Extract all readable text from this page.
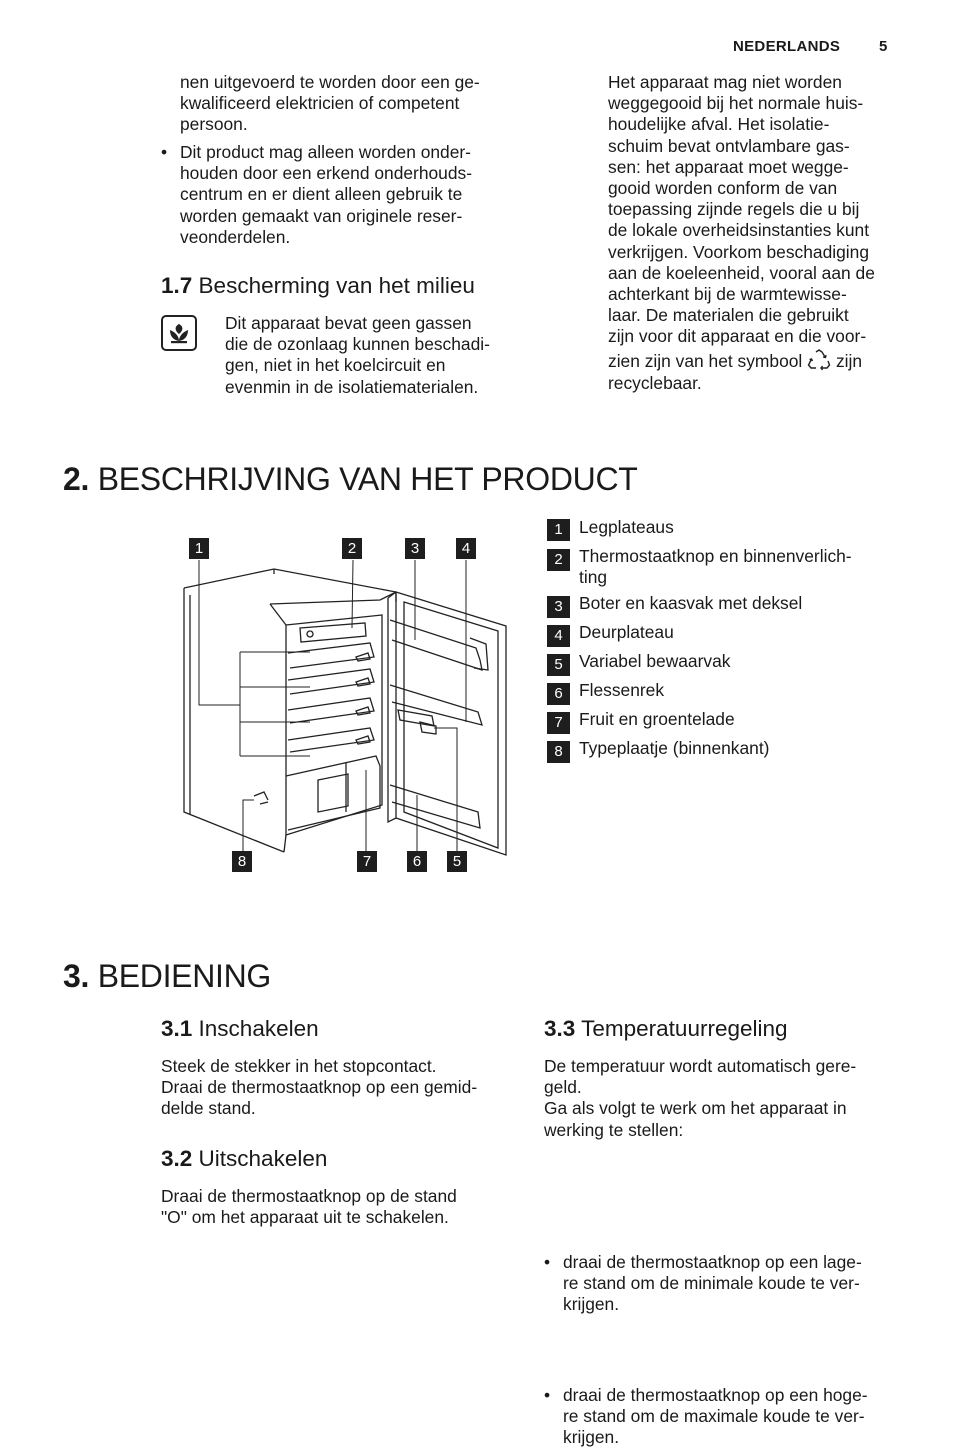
NEDERLANDS	5
nen uitgevoerd te worden door een ge-
kwalificeerd elektricien of competent
persoon.
• Dit product mag alleen worden onder-
houden door een erkend onderhouds-
centrum en er dient alleen gebruik te
worden gemaakt van originele reser-
veonderdelen.
1.7 Bescherming van het milieu
Dit apparaat bevat geen gassen
die de ozonlaag kunnen beschadi-
gen, niet in het koelcircuit en
evenmin in de isolatiematerialen.
Het apparaat mag niet worden
weggegooid bij het normale huis-
houdelijke afval. Het isolatie-
schuim bevat ontvlambare gas-
sen: het apparaat moet wegge-
gooid worden conform de van
toepassing zijnde regels die u bij
de lokale overheidsinstanties kunt
verkrijgen. Voorkom beschadiging
aan de koeleenheid, vooral aan de
achterkant bij de warmtewisse-
laar. De materialen die gebruikt
zijn voor dit apparaat en die voor-
zien zijn van het symbool zijn
recyclebaar.
2. BESCHRIJVING VAN HET PRODUCT
1	2	3	4
8	7	6	5
1 Legplateaus
2 Thermostaatknop en binnenverlich-
ting
3 Boter en kaasvak met deksel
4 Deurplateau
5 Variabel bewaarvak
6 Flessenrek
7 Fruit en groentelade
8 Typeplaatje (binnenkant)
3. BEDIENING
3.1 Inschakelen
Steek de stekker in het stopcontact.
Draai de thermostaatknop op een gemid-
delde stand.
3.2 Uitschakelen
Draai de thermostaatknop op de stand
"O" om het apparaat uit te schakelen.
3.3 Temperatuurregeling
De temperatuur wordt automatisch gere-
geld.
Ga als volgt te werk om het apparaat in
werking te stellen:
• draai de thermostaatknop op een lage-
re stand om de minimale koude te ver-
krijgen.
• draai de thermostaatknop op een hoge-
re stand om de maximale koude te ver-
krijgen.
